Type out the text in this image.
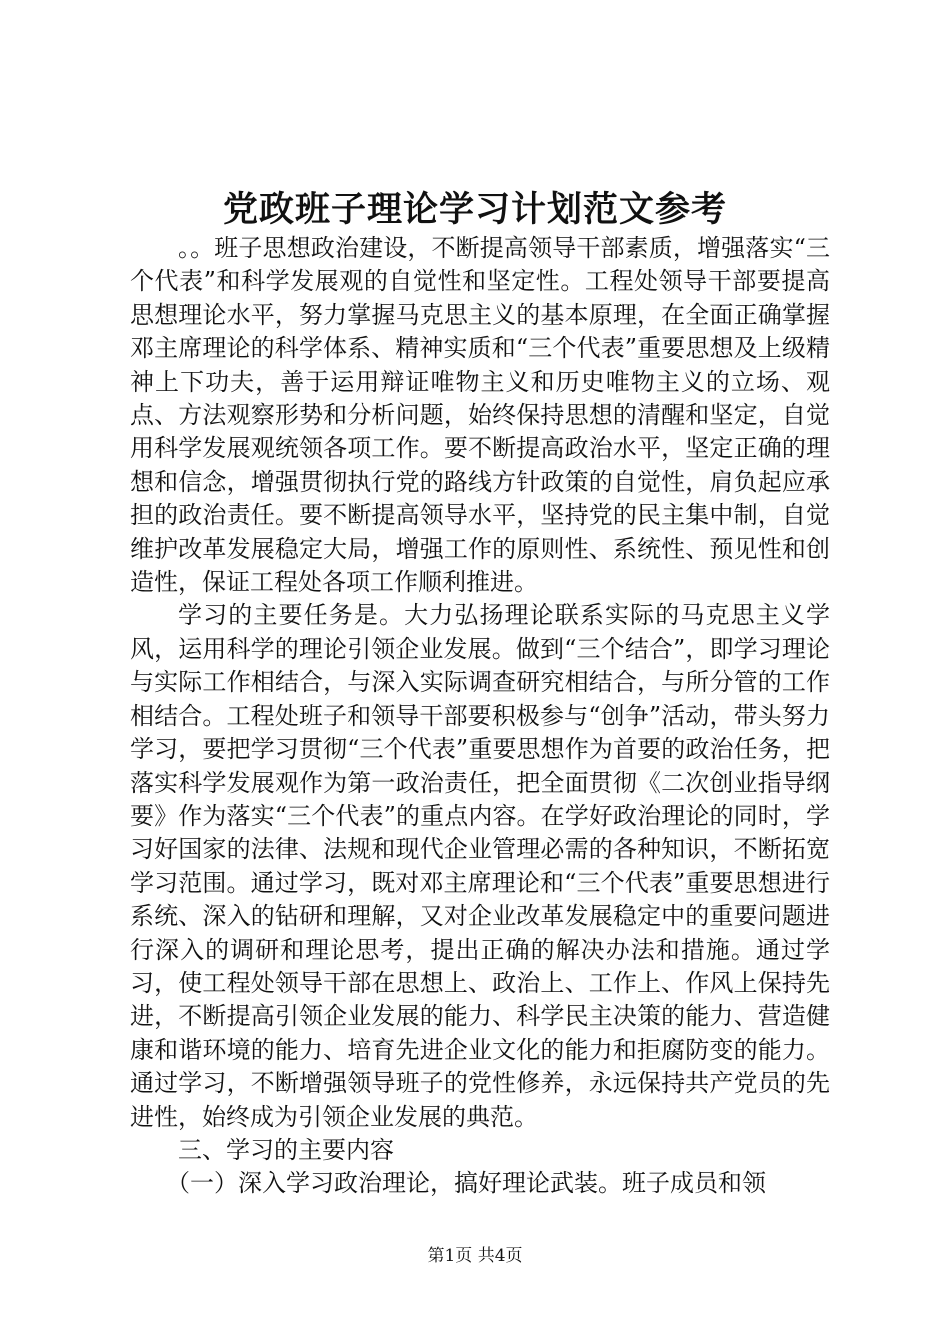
党政班子理论学习计划范文参考

。。班子思想政治建设，不断提高领导干部素质，增强落实“三个代表”和科学发展观的自觉性和坚定性。工程处领导干部要提高思想理论水平，努力掌握马克思主义的基本原理，在全面正确掌握邓主席理论的科学体系、精神实质和“三个代表”重要思想及上级精神上下功夫，善于运用辩证唯物主义和历史唯物主义的立场、观点、方法观察形势和分析问题，始终保持思想的清醒和坚定，自觉用科学发展观统领各项工作。要不断提高政治水平，坚定正确的理想和信念，增强贯彻执行党的路线方针政策的自觉性，肩负起应承担的政治责任。要不断提高领导水平，坚持党的民主集中制，自觉维护改革发展稳定大局，增强工作的原则性、系统性、预见性和创造性，保证工程处各项工作顺利推进。

学习的主要任务是。大力弘扬理论联系实际的马克思主义学风，运用科学的理论引领企业发展。做到“三个结合”，即学习理论与实际工作相结合，与深入实际调查研究相结合，与所分管的工作相结合。工程处班子和领导干部要积极参与“创争”活动，带头努力学习，要把学习贯彻“三个代表”重要思想作为首要的政治任务，把落实科学发展观作为第一政治责任，把全面贯彻《二次创业指导纲要》作为落实“三个代表”的重点内容。在学好政治理论的同时，学习好国家的法律、法规和现代企业管理必需的各种知识，不断拓宽学习范围。通过学习，既对邓主席理论和“三个代表”重要思想进行系统、深入的钻研和理解，又对企业改革发展稳定中的重要问题进行深入的调研和理论思考，提出正确的解决办法和措施。通过学习，使工程处领导干部在思想上、政治上、工作上、作风上保持先进，不断提高引领企业发展的能力、科学民主决策的能力、营造健康和谐环境的能力、培育先进企业文化的能力和拒腐防变的能力。通过学习，不断增强领导班子的党性修养，永远保持共产党员的先进性，始终成为引领企业发展的典范。

三、学习的主要内容

（一）深入学习政治理论，搞好理论武装。班子成员和领

第1页 共4页
